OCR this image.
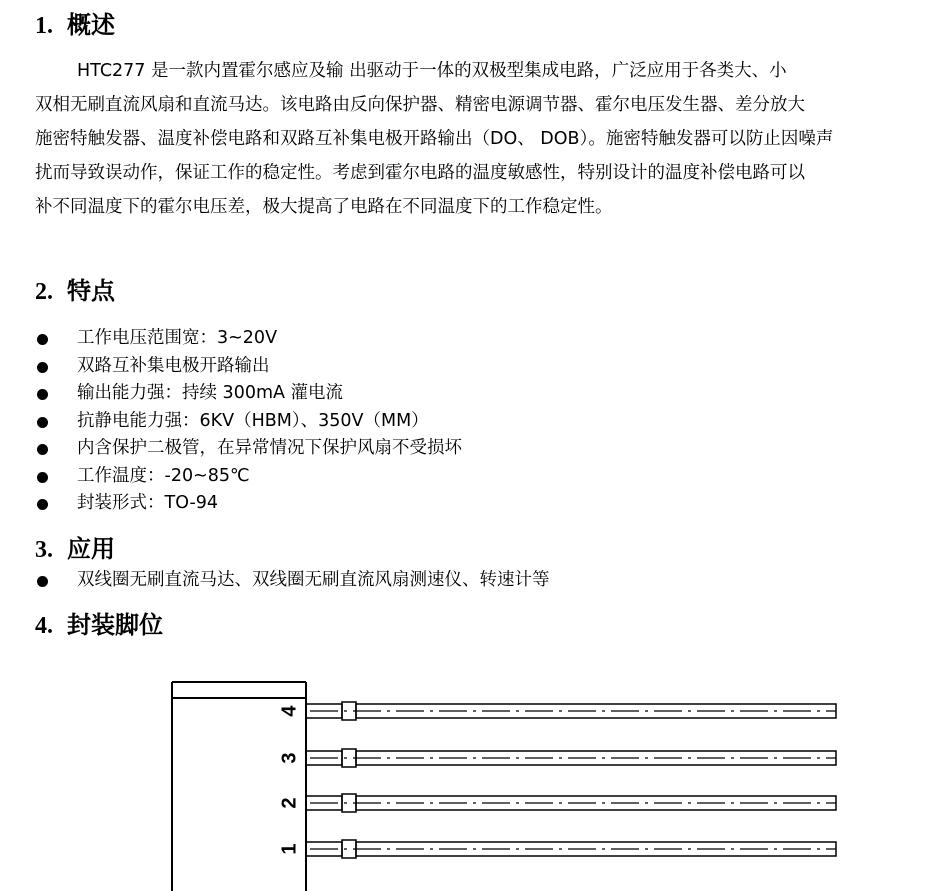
1. 概述
HTC277 是一款内置霍尔感应及输 出驱动于一体的双极型集成电路，广泛应用于各类大、小
双相无刷直流风扇和直流马达。该电路由反向保护器、精密电源调节器、霍尔电压发生器、差分放大
施密特触发器、温度补偿电路和双路互补集电极开路输出（DO、 DOB）。施密特触发器可以防止因噪声
扰而导致误动作，保证工作的稳定性。考虑到霍尔电路的温度敏感性，特别设计的温度补偿电路可以
补不同温度下的霍尔电压差，极大提高了电路在不同温度下的工作稳定性。
2. 特点
工作电压范围宽：3~20V
双路互补集电极开路输出
输出能力强：持续 300mA 灌电流
抗静电能力强：6KV（HBM）、350V（MM）
内含保护二极管，在异常情况下保护风扇不受损坏
工作温度：-20~85℃
封装形式：TO-94
3. 应用
双线圈无刷直流马达、双线圈无刷直流风扇测速仪、转速计等
4. 封装脚位
4
3
2
1
